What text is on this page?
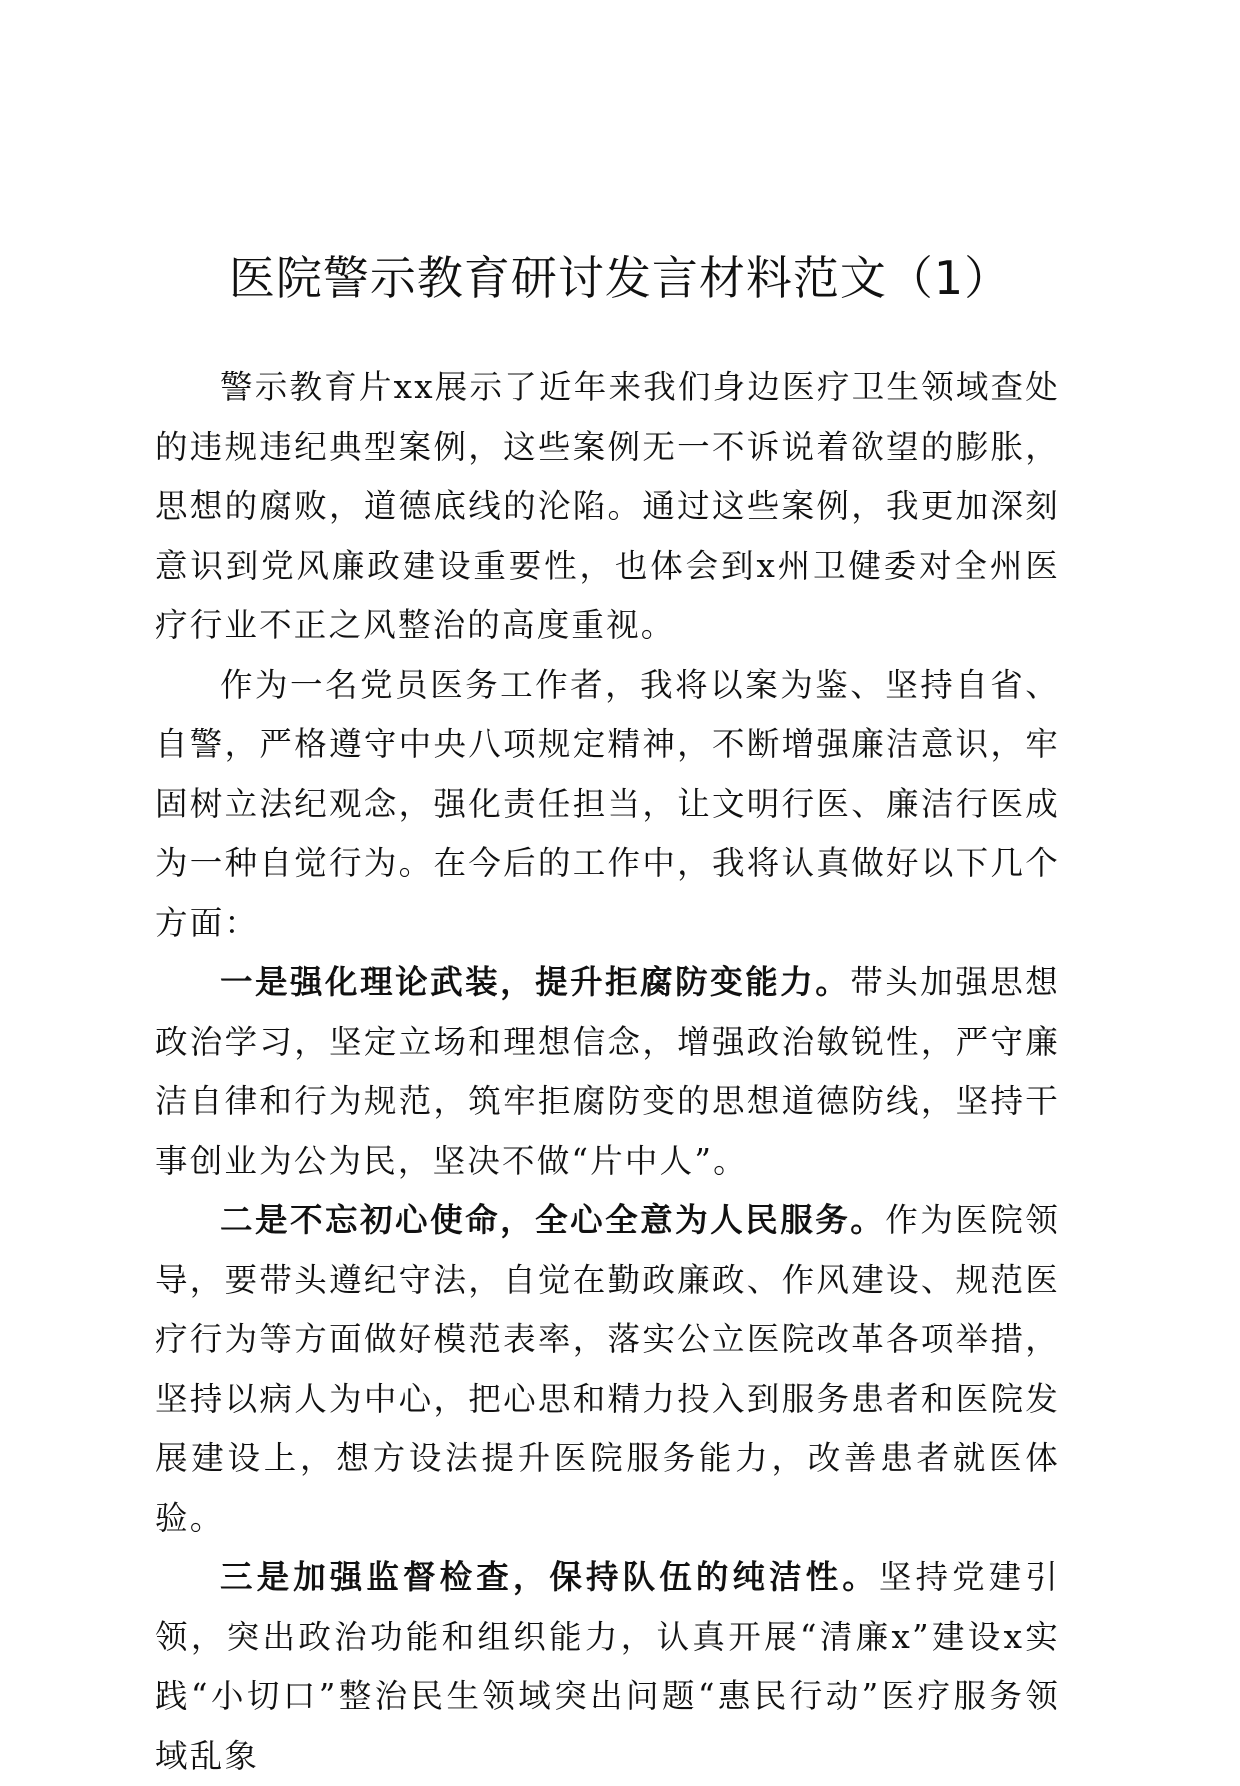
医院警示教育研讨发言材料范文（1）

警示教育片xx展示了近年来我们身边医疗卫生领域查处的违规违纪典型案例，这些案例无一不诉说着欲望的膨胀，思想的腐败，道德底线的沦陷。通过这些案例，我更加深刻意识到党风廉政建设重要性，也体会到x州卫健委对全州医疗行业不正之风整治的高度重视。

作为一名党员医务工作者，我将以案为鉴、坚持自省、自警，严格遵守中央八项规定精神，不断增强廉洁意识，牢固树立法纪观念，强化责任担当，让文明行医、廉洁行医成为一种自觉行为。在今后的工作中，我将认真做好以下几个方面：

一是强化理论武装，提升拒腐防变能力。带头加强思想政治学习，坚定立场和理想信念，增强政治敏锐性，严守廉洁自律和行为规范，筑牢拒腐防变的思想道德防线，坚持干事创业为公为民，坚决不做“片中人”。

二是不忘初心使命，全心全意为人民服务。作为医院领导，要带头遵纪守法，自觉在勤政廉政、作风建设、规范医疗行为等方面做好模范表率，落实公立医院改革各项举措，坚持以病人为中心，把心思和精力投入到服务患者和医院发展建设上，想方设法提升医院服务能力，改善患者就医体验。

三是加强监督检查，保持队伍的纯洁性。坚持党建引领，突出政治功能和组织能力，认真开展“清廉x”建设x实践“小切口”整治民生领域突出问题“惠民行动”医疗服务领域乱象
